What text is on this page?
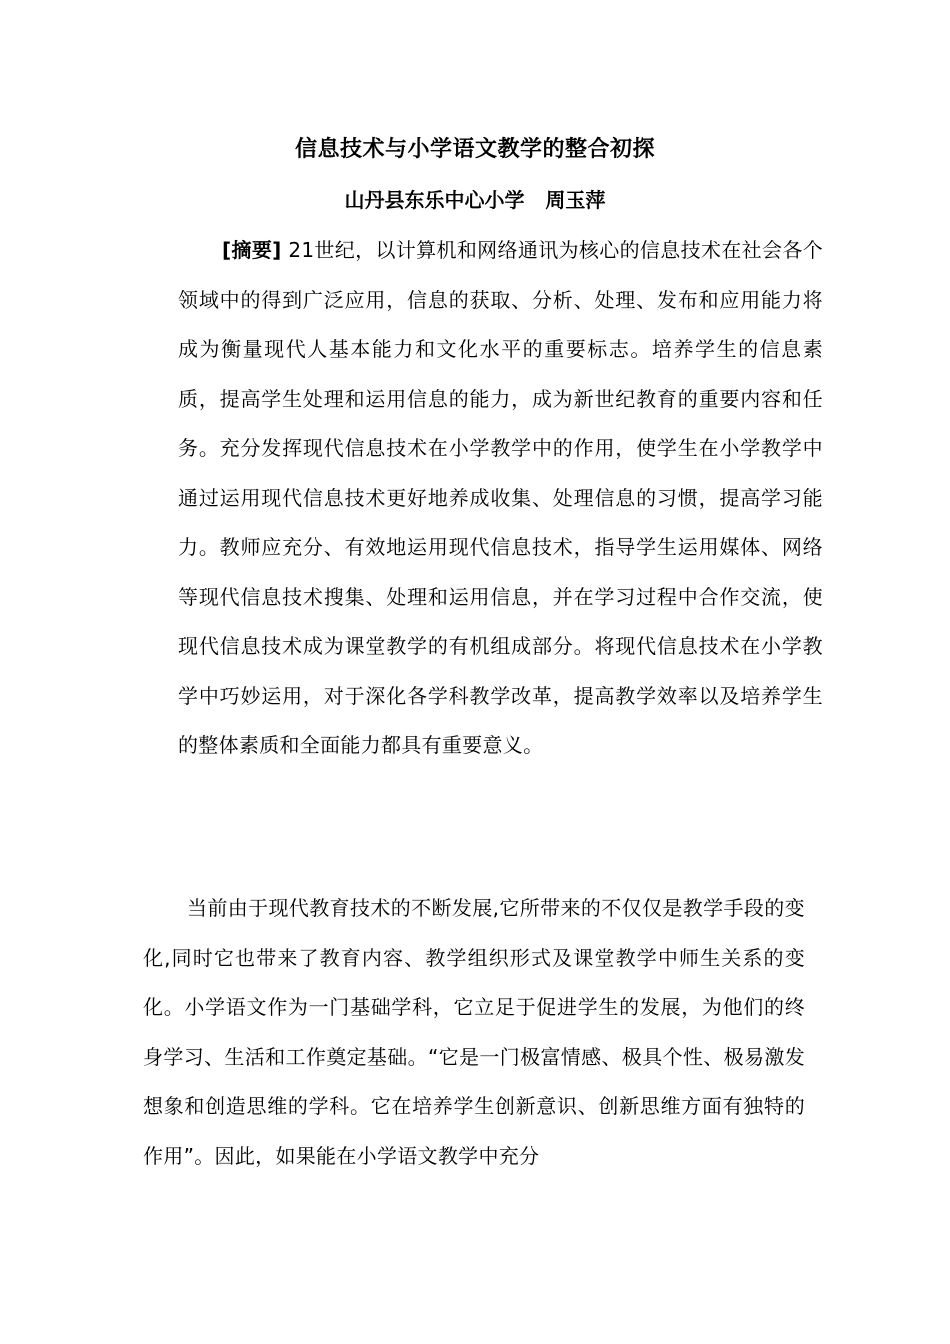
信息技术与小学语文教学的整合初探
山丹县东乐中心小学   周玉萍

[摘要] 21世纪，以计算机和网络通讯为核心的信息技术在社会各个领域中的得到广泛应用，信息的获取、分析、处理、发布和应用能力将成为衡量现代人基本能力和文化水平的重要标志。培养学生的信息素质，提高学生处理和运用信息的能力，成为新世纪教育的重要内容和任务。充分发挥现代信息技术在小学教学中的作用，使学生在小学教学中通过运用现代信息技术更好地养成收集、处理信息的习惯，提高学习能力。教师应充分、有效地运用现代信息技术，指导学生运用媒体、网络等现代信息技术搜集、处理和运用信息，并在学习过程中合作交流，使现代信息技术成为课堂教学的有机组成部分。将现代信息技术在小学教学中巧妙运用，对于深化各学科教学改革，提高教学效率以及培养学生的整体素质和全面能力都具有重要意义。

当前由于现代教育技术的不断发展,它所带来的不仅仅是教学手段的变化,同时它也带来了教育内容、教学组织形式及课堂教学中师生关系的变化。小学语文作为一门基础学科，它立足于促进学生的发展，为他们的终身学习、生活和工作奠定基础。“它是一门极富情感、极具个性、极易激发想象和创造思维的学科。它在培养学生创新意识、创新思维方面有独特的作用”。因此，如果能在小学语文教学中充分
